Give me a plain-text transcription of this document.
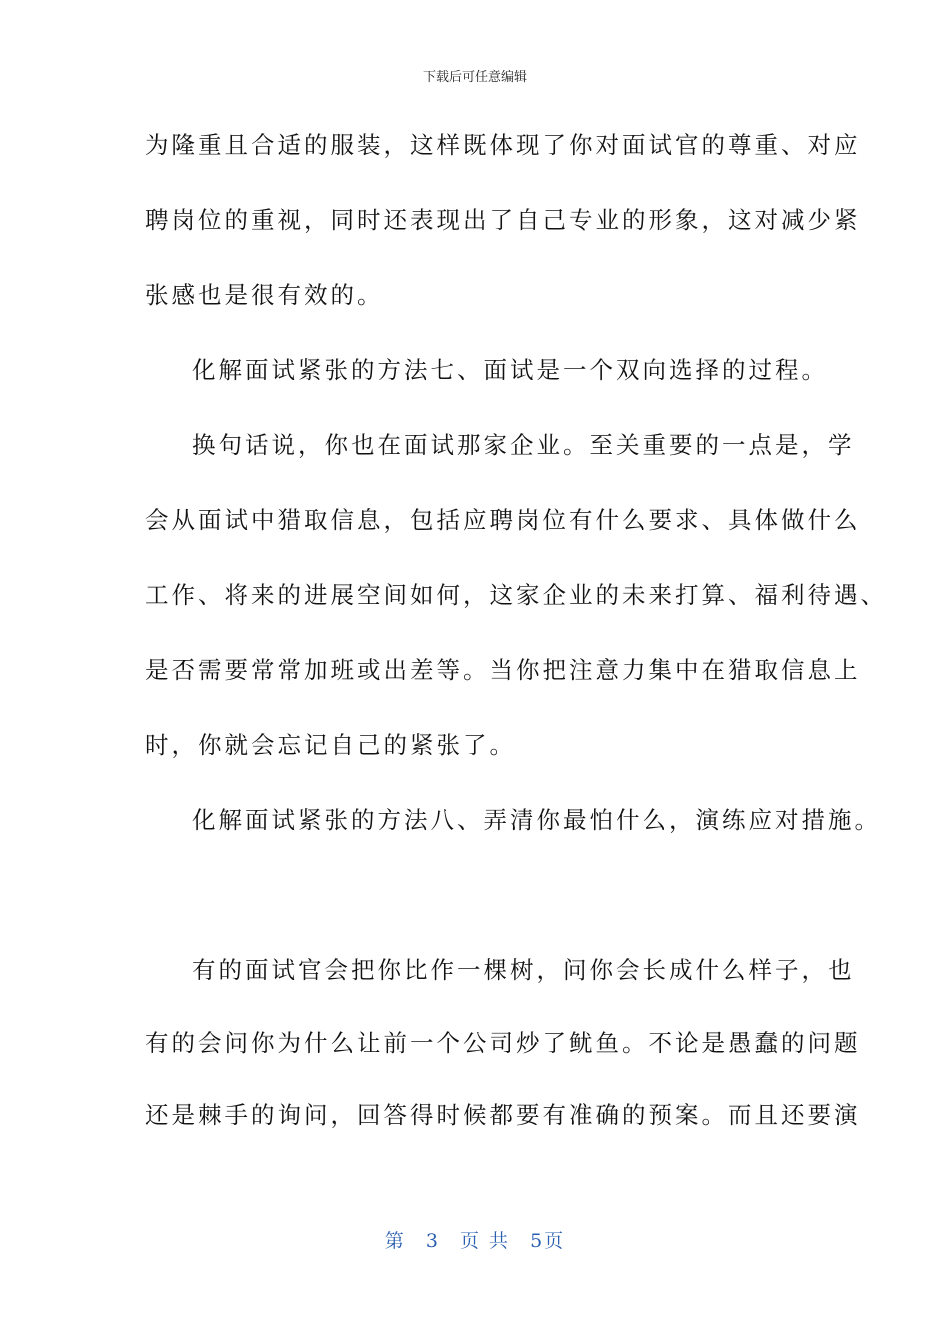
下载后可任意编辑
为隆重且合适的服装，这样既体现了你对面试官的尊重、对应
聘岗位的重视，同时还表现出了自己专业的形象，这对减少紧
张感也是很有效的。
化解面试紧张的方法七、面试是一个双向选择的过程。
换句话说，你也在面试那家企业。至关重要的一点是，学
会从面试中猎取信息，包括应聘岗位有什么要求、具体做什么
工作、将来的进展空间如何，这家企业的未来打算、福利待遇、
是否需要常常加班或出差等。当你把注意力集中在猎取信息上
时，你就会忘记自己的紧张了。
化解面试紧张的方法八、弄清你最怕什么，演练应对措施。
有的面试官会把你比作一棵树，问你会长成什么样子，也
有的会问你为什么让前一个公司炒了鱿鱼。不论是愚蠢的问题
还是棘手的询问，回答得时候都要有准确的预案。而且还要演
第 3 页 共 5页
